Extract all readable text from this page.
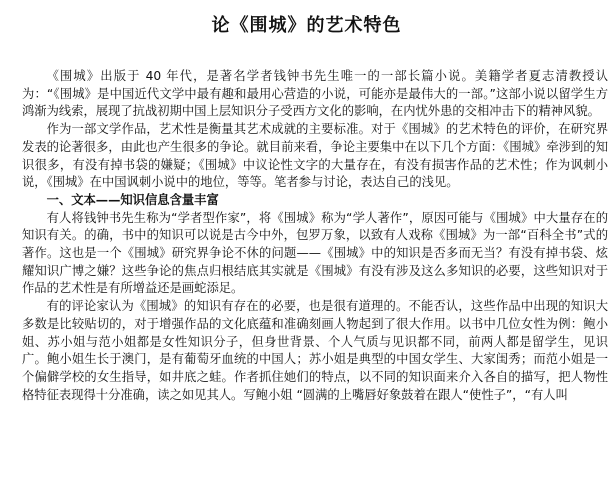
论《围城》的艺术特色

《围城》出版于 40 年代，是著名学者钱钟书先生唯一的一部长篇小说。美籍学者夏志清教授认为：“《围城》是中国近代文学中最有趣和最用心营造的小说，可能亦是最伟大的一部。”这部小说以留学生方鸿渐为线索，展现了抗战初期中国上层知识分子受西方文化的影响，在内忧外患的交相冲击下的精神风貌。

作为一部文学作品，艺术性是衡量其艺术成就的主要标准。对于《围城》的艺术特色的评价，在研究界发表的论著很多，由此也产生很多的争论。就目前来看，争论主要集中在以下几个方面：《围城》牵涉到的知识很多，有没有掉书袋的嫌疑；《围城》中议论性文字的大量存在，有没有损害作品的艺术性；作为讽刺小说，《围城》在中国讽刺小说中的地位，等等。笔者参与讨论，表达自己的浅见。

一、文本——知识信息含量丰富

有人将钱钟书先生称为“学者型作家”，将《围城》称为“学人著作”，原因可能与《围城》中大量存在的知识有关。的确，书中的知识可以说是古今中外，包罗万象，以致有人戏称《围城》为一部“百科全书”式的著作。这也是一个《围城》研究界争论不休的问题——《围城》中的知识是否多而无当？有没有掉书袋、炫耀知识广博之嫌？这些争论的焦点归根结底其实就是《围城》有没有涉及这么多知识的必要，这些知识对于作品的艺术性是有所增益还是画蛇添足。

有的评论家认为《围城》的知识有存在的必要，也是很有道理的。不能否认，这些作品中出现的知识大多数是比较贴切的，对于增强作品的文化底蕴和准确刻画人物起到了很大作用。以书中几位女性为例：鲍小姐、苏小姐与范小姐都是女性知识分子，但身世背景、个人气质与见识都不同，前两人都是留学生，见识广。鲍小姐生长于澳门，是有葡萄牙血统的中国人；苏小姐是典型的中国女学生、大家闺秀；而范小姐是一个偏僻学校的女生指导，如井底之蛙。作者抓住她们的特点，以不同的知识面来介入各自的描写，把人物性格特征表现得十分准确，读之如见其人。写鲍小姐 “圆满的上嘴唇好象鼓着在跟人“使性子”，“有人叫
